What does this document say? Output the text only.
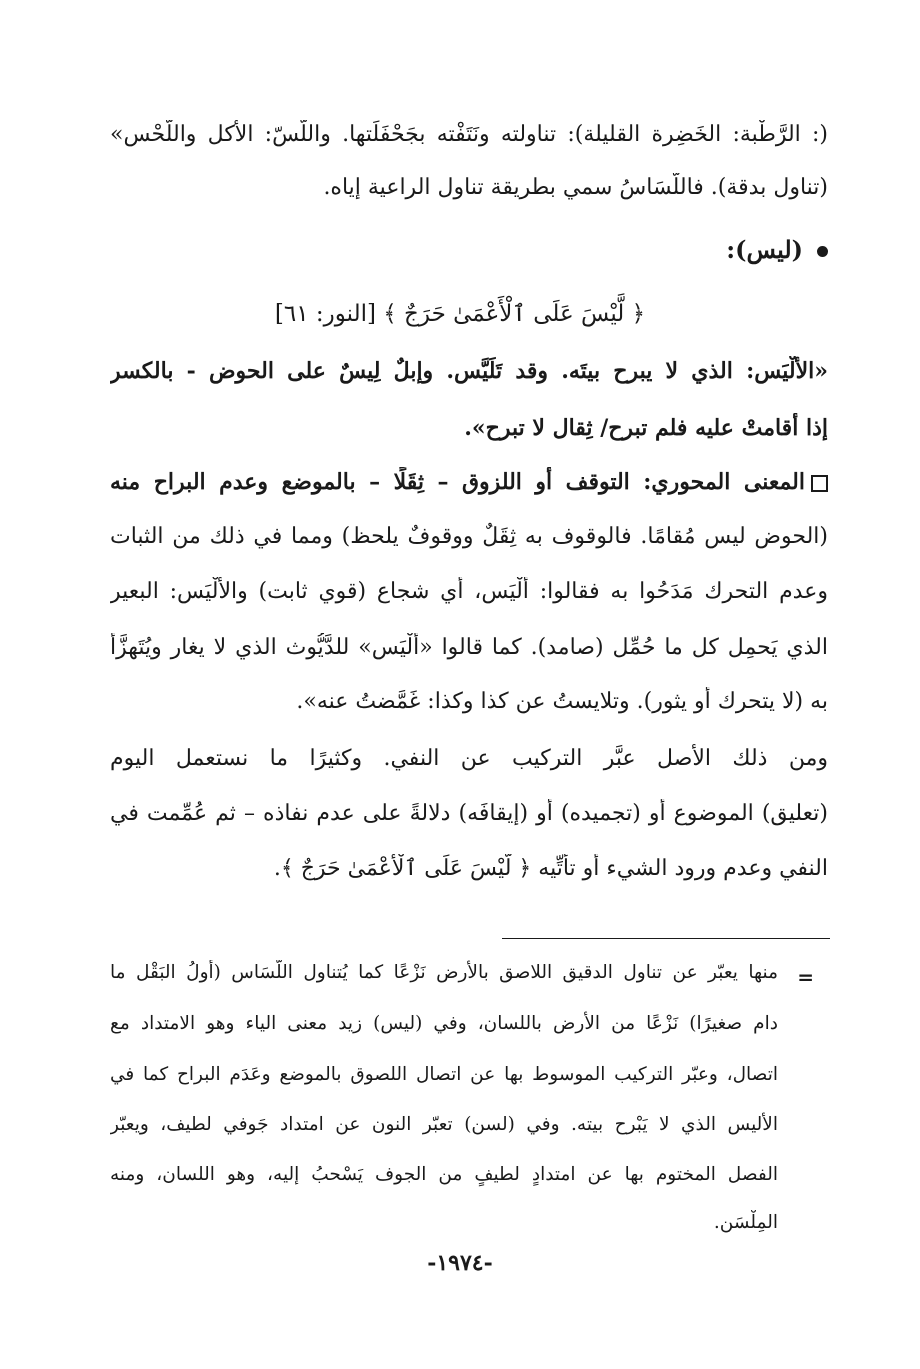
(: الرَّطْبة: الخَضِرة القليلة): تناولته ونَتَفْته بجَحْفَلَتها. واللَّسّ: الأكل واللَّحْس»
(تناول بدقة). فاللُّسَاسُ سمي بطريقة تناول الراعية إياه.
(ليس):
﴿ لَّيْسَ عَلَى ٱلْأَعْمَىٰ حَرَجٌ ﴾ [النور: ٦١]
«الأَلْيَس: الذي لا يبرح بيتَه. وقد تَلَيَّس. وإبلٌ لِيسٌ على الحوض - بالكسر
إذا أقامتْ عليه فلم تبرح/ ثِقال لا تبرح».
المعنى المحوري: التوقف أو اللزوق – ثِقَلًا – بالموضع وعدم البراح منه
(الحوض ليس مُقامًا. فالوقوف به ثِقَلٌ ووقوفٌ يلحظ) ومما في ذلك من الثبات
وعدم التحرك مَدَحُوا به فقالوا: أَلْيَس، أي شجاع (قوي ثابت) والأَلْيَس: البعير
الذي يَحمِل كل ما حُمِّل (صامد). كما قالوا «أَلْيَس» للدَّيُّوث الذي لا يغار ويُتَهزَّأ
به (لا يتحرك أو يثور). وتلايستُ عن كذا وكذا: غَمَّضتُ عنه».
ومن ذلك الأصل عبَّر التركيب عن النفي. وكثيرًا ما نستعمل اليوم
(تعليق) الموضوع أو (تجميده) أو (إيقافَه) دلالةً على عدم نفاذه – ثم عُمِّمت في
النفي وعدم ورود الشيء أو تأتِّيه ﴿ لَّيْسَ عَلَى ٱلْأَعْمَىٰ حَرَجٌ ﴾.
=
منها يعبّر عن تناول الدقيق اللاصق بالأرض نَزْعًا كما يُتناول اللُّسَاس (أولُ البَقْل ما
دام صغيرًا) نَزْعًا من الأرض باللسان، وفي (ليس) زيد معنى الياء وهو الامتداد مع
اتصال، وعبّر التركيب الموسوط بها عن اتصال اللصوق بالموضع وعَدَم البراح كما في
الأليس الذي لا يَبْرح بيته. وفي (لسن) تعبّر النون عن امتداد جَوفي لطيف، ويعبّر
الفصل المختوم بها عن امتدادٍ لطيفٍ من الجوف يَسْحبُ إليه، وهو اللسان، ومنه
المِلْسَن.
-١٩٧٤-
